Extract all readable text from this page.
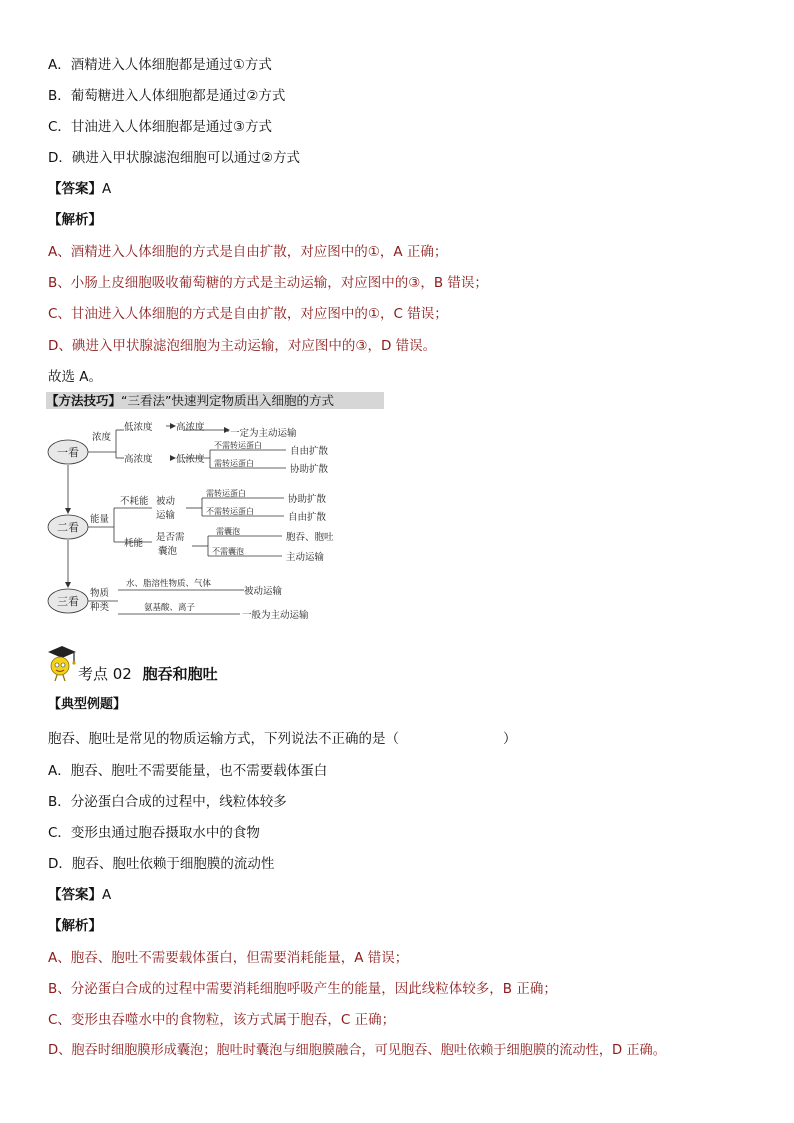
A．酒精进入人体细胞都是通过①方式
B．葡萄糖进入人体细胞都是通过②方式
C．甘油进入人体细胞都是通过③方式
D．碘进入甲状腺滤泡细胞可以通过②方式
【答案】A
【解析】
A、酒精进入人体细胞的方式是自由扩散，对应图中的①，A 正确；
B、小肠上皮细胞吸收葡萄糖的方式是主动运输，对应图中的③，B 错误；
C、甘油进入人体细胞的方式是自由扩散，对应图中的①，C 错误；
D、碘进入甲状腺滤泡细胞为主动运输，对应图中的③，D 错误。
故选 A。
【方法技巧】“三看法”快速判定物质出入细胞的方式
一看
二看
三看
浓度
低浓度 高浓度
一定为主动运输
高浓度 低浓度
不需转运蛋白
需转运蛋白
自由扩散
协助扩散
能量
不耗能 被动
运输
需转运蛋白
不需转运蛋白
协助扩散
自由扩散
耗能
是否需
囊泡
需囊泡
不需囊泡
胞吞、胞吐
主动运输
物质
种类
水、脂溶性物质、气体
被动运输
氨基酸、离子
一般为主动运输
考点 02 胞吞和胞吐
【典型例题】
胞吞、胞吐是常见的物质运输方式，下列说法不正确的是（	）
A．胞吞、胞吐不需要能量，也不需要载体蛋白
B．分泌蛋白合成的过程中，线粒体较多
C．变形虫通过胞吞摄取水中的食物
D．胞吞、胞吐依赖于细胞膜的流动性
【答案】A
【解析】
A、胞吞、胞吐不需要载体蛋白，但需要消耗能量，A 错误；
B、分泌蛋白合成的过程中需要消耗细胞呼吸产生的能量，因此线粒体较多，B 正确；
C、变形虫吞噬水中的食物粒，该方式属于胞吞，C 正确；
D、胞吞时细胞膜形成囊泡；胞吐时囊泡与细胞膜融合，可见胞吞、胞吐依赖于细胞膜的流动性，D 正确。
